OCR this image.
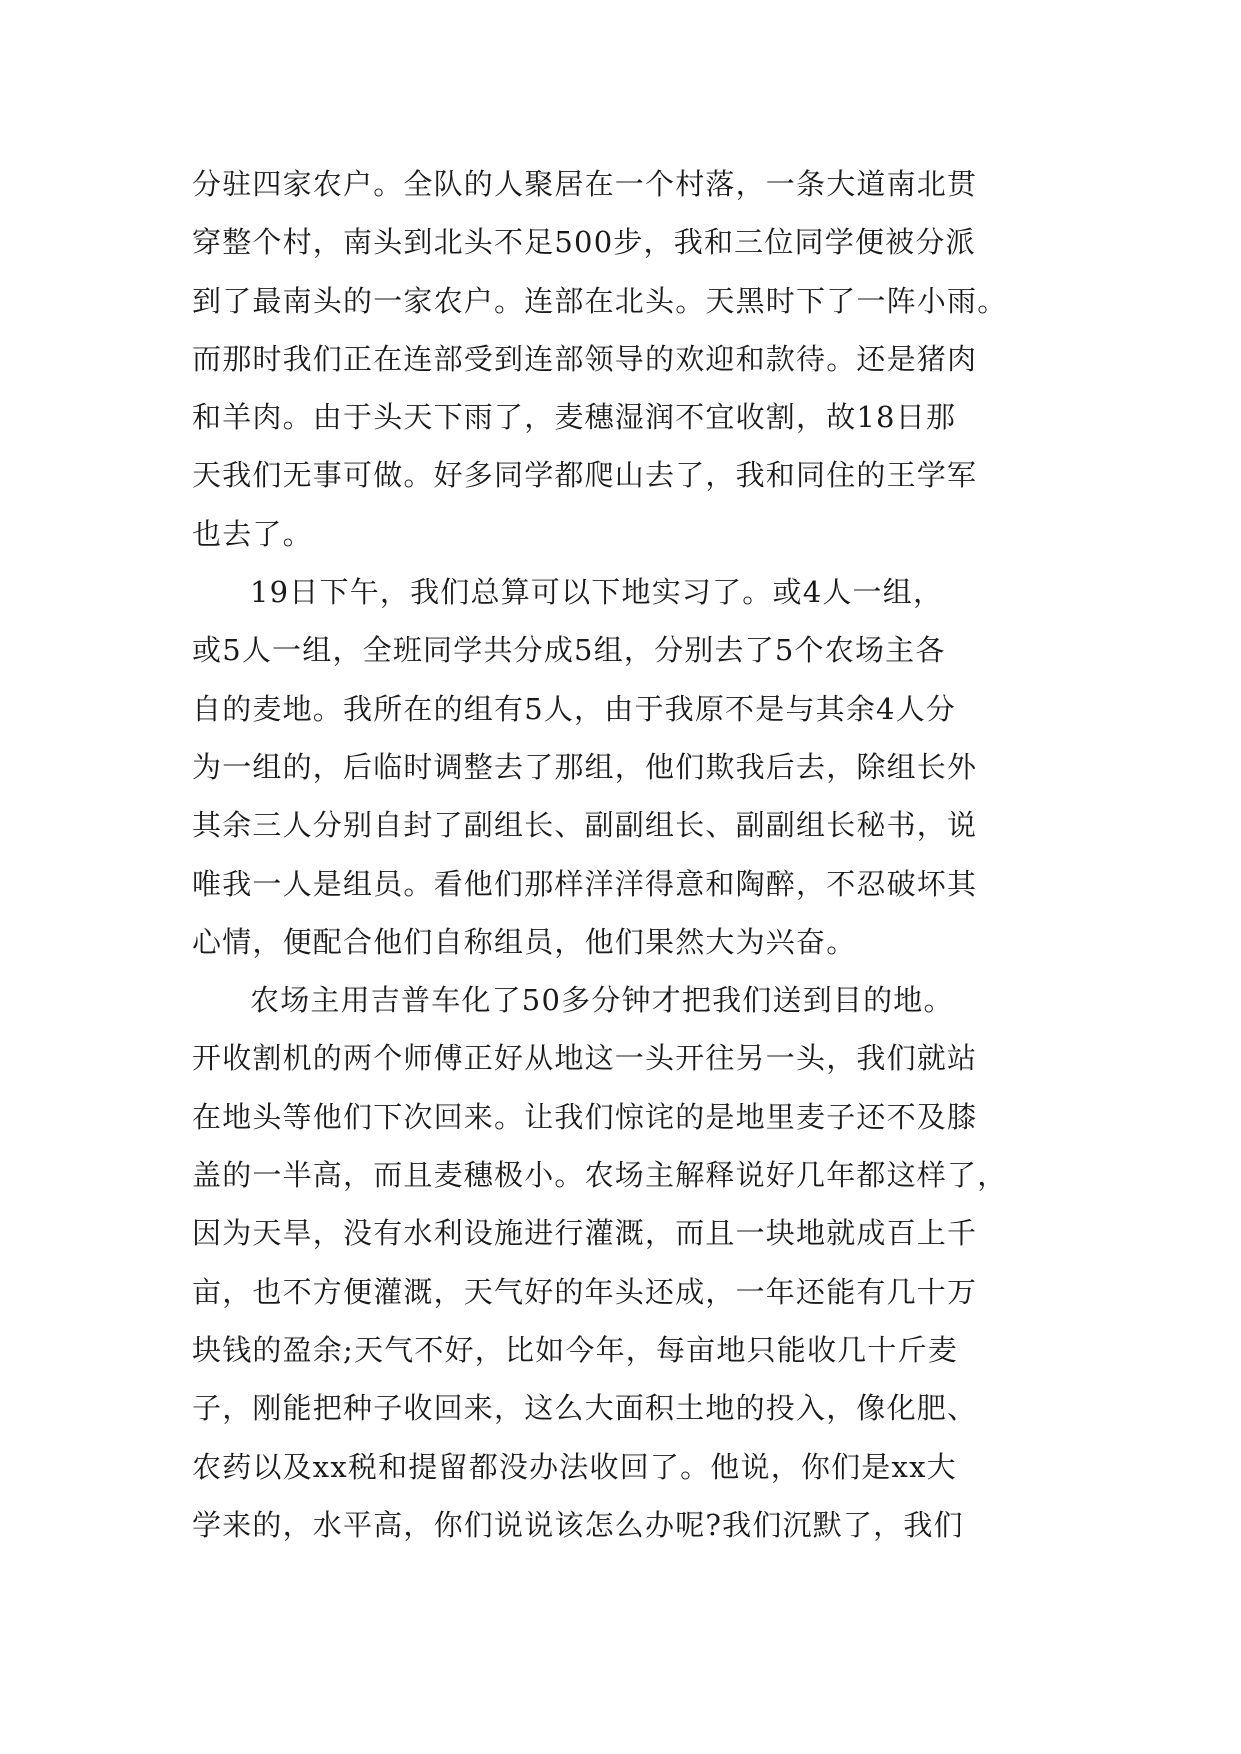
分驻四家农户。全队的人聚居在一个村落，一条大道南北贯
穿整个村，南头到北头不足500步，我和三位同学便被分派
到了最南头的一家农户。连部在北头。天黑时下了一阵小雨。
而那时我们正在连部受到连部领导的欢迎和款待。还是猪肉
和羊肉。由于头天下雨了，麦穗湿润不宜收割，故18日那
天我们无事可做。好多同学都爬山去了，我和同住的王学军
也去了。
19日下午，我们总算可以下地实习了。或4人一组，
或5人一组，全班同学共分成5组，分别去了5个农场主各
自的麦地。我所在的组有5人，由于我原不是与其余4人分
为一组的，后临时调整去了那组，他们欺我后去，除组长外
其余三人分别自封了副组长、副副组长、副副组长秘书，说
唯我一人是组员。看他们那样洋洋得意和陶醉，不忍破坏其
心情，便配合他们自称组员，他们果然大为兴奋。
农场主用吉普车化了50多分钟才把我们送到目的地。
开收割机的两个师傅正好从地这一头开往另一头，我们就站
在地头等他们下次回来。让我们惊诧的是地里麦子还不及膝
盖的一半高，而且麦穗极小。农场主解释说好几年都这样了，
因为天旱，没有水利设施进行灌溉，而且一块地就成百上千
亩，也不方便灌溉，天气好的年头还成，一年还能有几十万
块钱的盈余;天气不好，比如今年，每亩地只能收几十斤麦
子，刚能把种子收回来，这么大面积土地的投入，像化肥、
农药以及xx税和提留都没办法收回了。他说，你们是xx大
学来的，水平高，你们说说该怎么办呢?我们沉默了，我们
